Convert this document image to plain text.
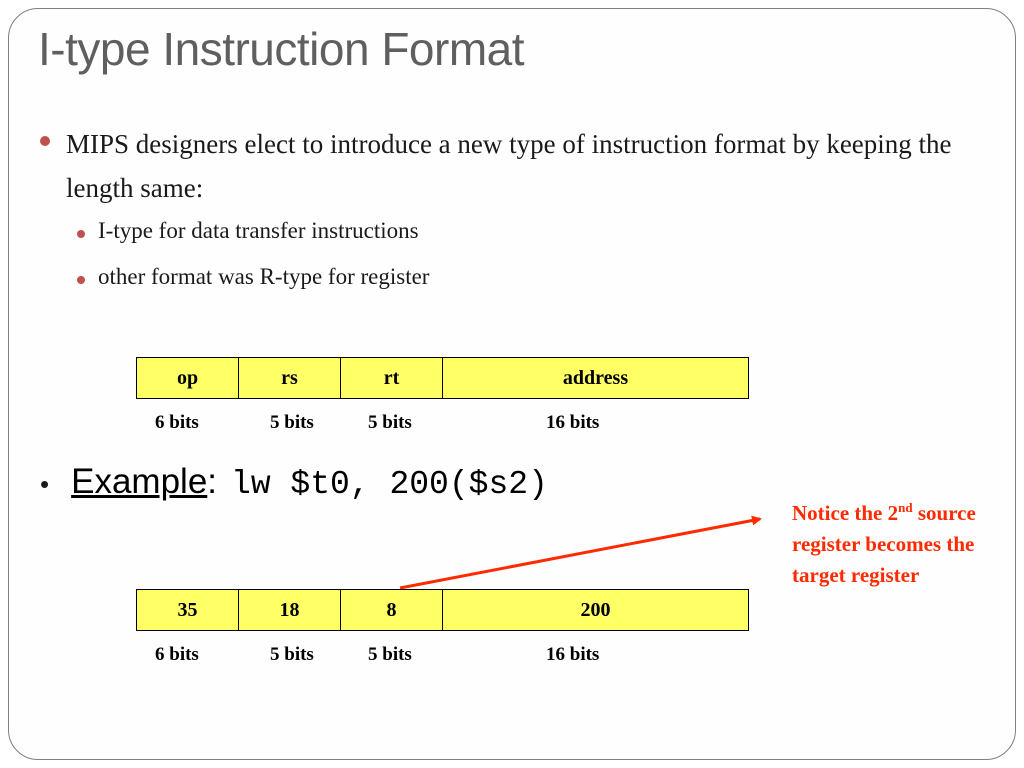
I-type Instruction Format
MIPS designers elect to introduce a new type of instruction format by keeping the length same:
I-type for data transfer instructions
other format was R-type for register
op	rs	rt	address
6 bits	5 bits	5 bits	16 bits
• Example : lw $t0, 200($s2)
Notice the 2nd source register becomes the target register
35	18	8	200
6 bits	5 bits	5 bits	16 bits
